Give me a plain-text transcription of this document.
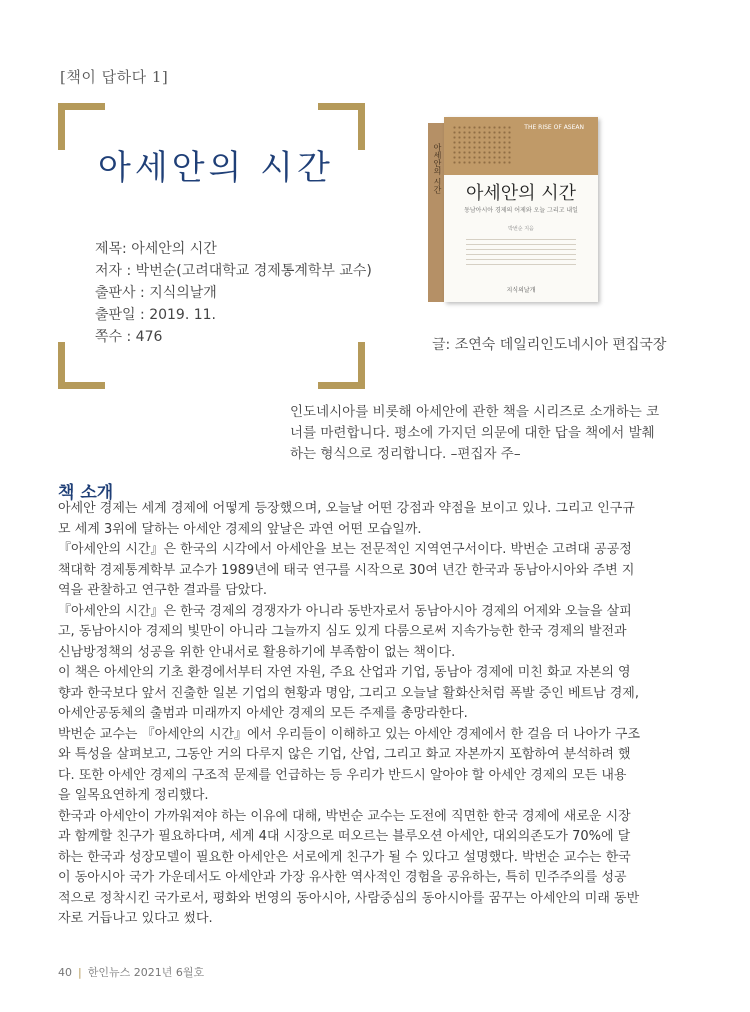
[책이 답하다 1]
아세안의 시간
제목: 아세안의 시간
저자 : 박번순(고려대학교 경제통계학부 교수)
출판사 : 지식의날개
출판일 : 2019. 11.
쪽수 : 476
아세안의 시간
THE RISE OF ASEAN
아세안의 시간
동남아시아 경제의 어제와 오늘 그리고 내일
박번순 지음
지식의날개
글: 조연숙 데일리인도네시아 편집국장

인도네시아를 비롯해 아세안에 관한 책을 시리즈로 소개하는 코
너를 마련합니다. 평소에 가지던 의문에 대한 답을 책에서 발췌
하는 형식으로 정리합니다. –편집자 주–

책 소개
아세안 경제는 세계 경제에 어떻게 등장했으며, 오늘날 어떤 강점과 약점을 보이고 있나. 그리고 인구규
모 세계 3위에 달하는 아세안 경제의 앞날은 과연 어떤 모습일까.
『아세안의 시간』은 한국의 시각에서 아세안을 보는 전문적인 지역연구서이다. 박번순 고려대 공공정
책대학 경제통계학부 교수가 1989년에 태국 연구를 시작으로 30여 년간 한국과 동남아시아와 주변 지
역을 관찰하고 연구한 결과를 담았다.
『아세안의 시간』은 한국 경제의 경쟁자가 아니라 동반자로서 동남아시아 경제의 어제와 오늘을 살피
고, 동남아시아 경제의 빛만이 아니라 그늘까지 심도 있게 다룸으로써 지속가능한 한국 경제의 발전과
신남방정책의 성공을 위한 안내서로 활용하기에 부족함이 없는 책이다.
이 책은 아세안의 기초 환경에서부터 자연 자원, 주요 산업과 기업, 동남아 경제에 미친 화교 자본의 영
향과 한국보다 앞서 진출한 일본 기업의 현황과 명암, 그리고 오늘날 활화산처럼 폭발 중인 베트남 경제,
아세안공동체의 출범과 미래까지 아세안 경제의 모든 주제를 총망라한다.
박번순 교수는 『아세안의 시간』에서 우리들이 이해하고 있는 아세안 경제에서 한 걸음 더 나아가 구조
와 특성을 살펴보고, 그동안 거의 다루지 않은 기업, 산업, 그리고 화교 자본까지 포함하여 분석하려 했
다. 또한 아세안 경제의 구조적 문제를 언급하는 등 우리가 반드시 알아야 할 아세안 경제의 모든 내용
을 일목요연하게 정리했다.
한국과 아세안이 가까워져야 하는 이유에 대해, 박번순 교수는 도전에 직면한 한국 경제에 새로운 시장
과 함께할 친구가 필요하다며, 세계 4대 시장으로 떠오르는 블루오션 아세안, 대외의존도가 70%에 달
하는 한국과 성장모델이 필요한 아세안은 서로에게 친구가 될 수 있다고 설명했다. 박번순 교수는 한국
이 동아시아 국가 가운데서도 아세안과 가장 유사한 역사적인 경험을 공유하는, 특히 민주주의를 성공
적으로 정착시킨 국가로서, 평화와 번영의 동아시아, 사람중심의 동아시아를 꿈꾸는 아세안의 미래 동반
자로 거듭나고 있다고 썼다.
40 | 한인뉴스 2021년 6월호
